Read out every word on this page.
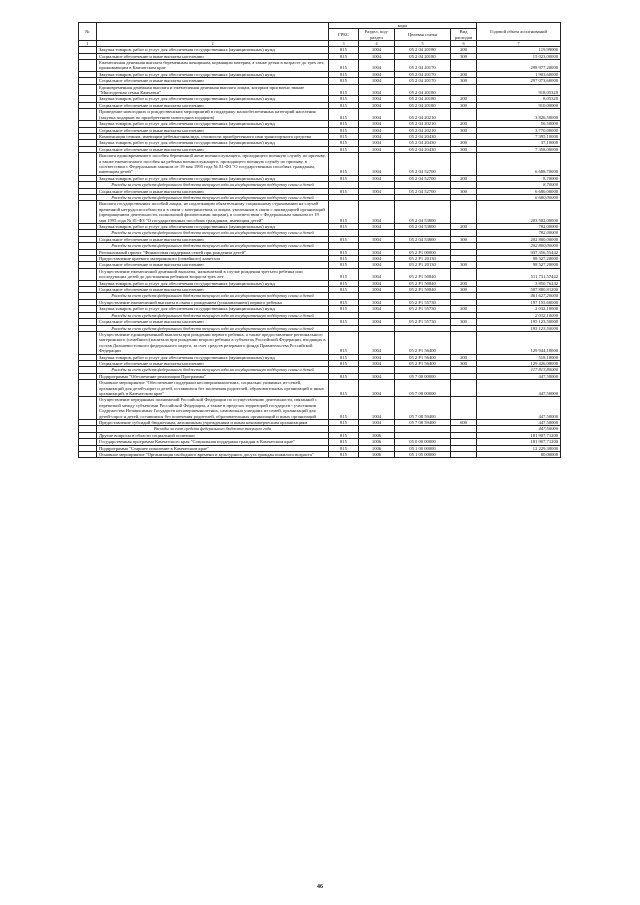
№		коды				Годовой объем ассигнований
		ГРБС	Раздел, под-раздел	Целевая статья	Вид расходов	
1	2	3	4	5	6	7
	Закупка товаров, работ и услуг для обеспечения государственных (муниципальных) нужд	815	1004	05 2 04 20180	200	119,99000
	Социальное обеспечение и иные выплаты населению	815	1004	05 2 04 20180	300	15 023,00000
	Ежемесячная денежная выплата беременным женщинам, кормящим матерям, а также детям в возрасте до трех лет, проживающим в Камчатском крае	815	1004	05 2 04 20170		298 977,20000
	Закупка товаров, работ и услуг для обеспечения государственных (муниципальных) нужд	815	1004	05 2 04 20170	200	1 903,60000
	Социальное обеспечение и иные выплаты населению	815	1004	05 2 04 20170	300	297 073,60000
	Единовременная денежная выплата и ежемесячная денежная выплата лицам, которым присвоено звание "Многодетная семья Камчатки"	815	1004	05 2 04 20180		918,05320
	Закупка товаров, работ и услуг для обеспечения государственных (муниципальных) нужд	815	1004	05 2 04 20180	200	8,05320
	Социальное обеспечение и иные выплаты населению	815	1004	05 2 04 20180	300	910,00000
	Проведение новогодних и рождественских мероприятий в поддержку малообеспеченных категорий населения (закупка подарков по приобретению новогодних подарков)	815	1004	05 2 04 20210		3 826,50000
	Закупка товаров, работ и услуг для обеспечения государственных (муниципальных) нужд	815	1004	05 2 04 20210	200	56,50000
	Социальное обеспечение и иные выплаты населению	815	1004	05 2 04 20210	300	3 770,00000
	Компенсация семьям, имеющим ребенка-инвалида, стоимости приобретенного ими транспортного средства	815	1004	05 2 04 20430		7 395,10000
	Закупка товаров, работ и услуг для обеспечения государственных (муниципальных) нужд	815	1004	05 2 04 20430	200	37,10000
	Социальное обеспечение и иные выплаты населению	815	1004	05 2 04 20430	300	7 358,00000
	Выплата единовременного пособия беременной жене военнослужащего, проходящего военную службу по призыву, а также ежемесячного пособия на ребенка военнослужащего, проходящего военную службу по призыву, в соответствии с Федеральным законом от 19 мая 1995 года № 81-ФЗ "О государственных пособиях гражданам, имеющим детей"	815	1004	05 2 04 52700		6 688,70000
	Закупка товаров, работ и услуг для обеспечения государственных (муниципальных) нужд	815	1004	05 2 04 52700	200	8,70000
	Расходы за счет средств федерального бюджета текущего года на государственную поддержку семьи и детей					8,70000
	Социальное обеспечение и иные выплаты населению	815	1004	05 2 04 52700	300	6 680,00000
	Расходы за счет средств федерального бюджета текущего года на государственную поддержку семьи и детей					6 680,00000
	Выплата государственных пособий лицам, не подлежащим обязательному социальному страхованию на случай временной нетрудоспособности и в связи с материнством, и лицам, уволенным в связи с ликвидацией организаций (прекращением деятельности, полномочий физическими лицами), в соответствии с Федеральным законом от 19 мая 1995 года № 81-ФЗ "О государственных пособиях гражданам, имеющим детей"	815	1004	05 2 04 53800		203 582,00000
	Закупка товаров, работ и услуг для обеспечения государственных (муниципальных) нужд	815	1004	05 2 04 53800	200	782,00000
	Расходы за счет средств федерального бюджета текущего года на государственную поддержку семьи и детей					782,00000
	Социальное обеспечение и иные выплаты населению	815	1004	05 2 04 53800	300	202 800,00000
	Расходы за счет средств федерального бюджета текущего года на государственную поддержку семьи и детей					202 800,00000
	Региональный проект "Финансовая поддержка семей при рождении детей"	815	1004	05 2 P1 00000		937 356,55442
	Предоставление краевого материнского (семейного) капитала	815	1004	05 2 P1 20130		98 527,20000
	Социальное обеспечение и иные выплаты населению	815	1004	05 2 P1 20130	300	98 527,20000
	Осуществление ежемесячной денежной выплаты, назначаемой в случае рождения третьего ребенка или последующих детей до достижения ребенком возраста трех лет	815	1004	05 2 P1 50840		511 731,57442
	Закупка товаров, работ и услуг для обеспечения государственных (муниципальных) нужд	815	1004	05 2 P1 50840	200	3 850,76242
	Социальное обеспечение и иные выплаты населению	815	1004	05 2 P1 50840	300	507 880,81200
	Расходы за счет средств федерального бюджета текущего года на государственную поддержку семьи и детей					461 627,20000
	Осуществление ежемесячной выплаты в связи с рождением (усыновлением) первого ребенка	815	1004	05 2 P1 55730		197 155,60000
	Закупка товаров, работ и услуг для обеспечения государственных (муниципальных) нужд	815	1004	05 2 P1 55730	200	2 032,10000
	Расходы за счет средств федерального бюджета текущего года на государственную поддержку семьи и детей					2 032,10000
	Социальное обеспечение и иные выплаты населению	815	1004	05 2 P1 55730	300	195 123,50000
	Расходы за счет средств федерального бюджета текущего года на государственную поддержку семьи и детей					195 123,50000
	Осуществление единовременной выплаты при рождении первого ребенка, а также предоставление регионального материнского (семейного) капитала при рождении второго ребенка в субъектах Российской Федерации, входящих в состав Дальневосточного федерального округа, за счет средств резервного фонда Правительства Российской Федерации	815	1004	05 2 P1 56400		129 944,18000
	Закупка товаров, работ и услуг для обеспечения государственных (муниципальных) нужд	815	1004	05 2 P1 56400	200	518,10000
	Социальное обеспечение и иные выплаты населению	815	1004	05 2 P1 56400	300	129 426,08000
	Расходы за счет средств федерального бюджета текущего года на государственную поддержку семьи и детей					117 813,80000
	Подпрограмма "Обеспечение реализации Программы"	815	1004	05 7 00 00000		447,50000
	Основное мероприятие "Обеспечение поддержки несовершеннолетних, социально уязвимых из-семей, организаций для детей-сирот и детей, оставшихся без попечения родителей, образовательных организаций и иных организаций, в Камчатском крае"	815	1004	05 7 08 00000		447,50000
	Осуществление переданных полномочий Российской Федерации по осуществлению деятельности, связанной с перевозкой между субъектами Российской Федерации, а также в пределах территорий государств - участников Содружества Независимых Государств несовершеннолетних, самовольно ушедших из семей, организаций для детей-сирот и детей, оставшихся без попечения родителей, образовательных организаций и иных организаций	815	1004	05 7 08 59400		447,50000
	Предоставление субсидий бюджетным, автономным учреждениям и иным некоммерческим организациям	815	1004	05 7 08 59400	600	447,50000
	Расходы за счет средств федерального бюджета текущего года					447,50000
	Другие вопросы в области социальной политики	815	1006			181 907,71200
	Государственная программа Камчатского края "Социальная поддержка граждан в Камчатском крае"	815	1006	05 0 00 00000		181 907,71200
	Подпрограмма "Старшее поколение в Камчатском крае"	815	1006	05 1 00 00000		12 229,30000
	Основное мероприятие "Организация свободного времени и культурного досуга граждан пожилого возраста"	815	1006	05 1 05 00000		80,00000
46
